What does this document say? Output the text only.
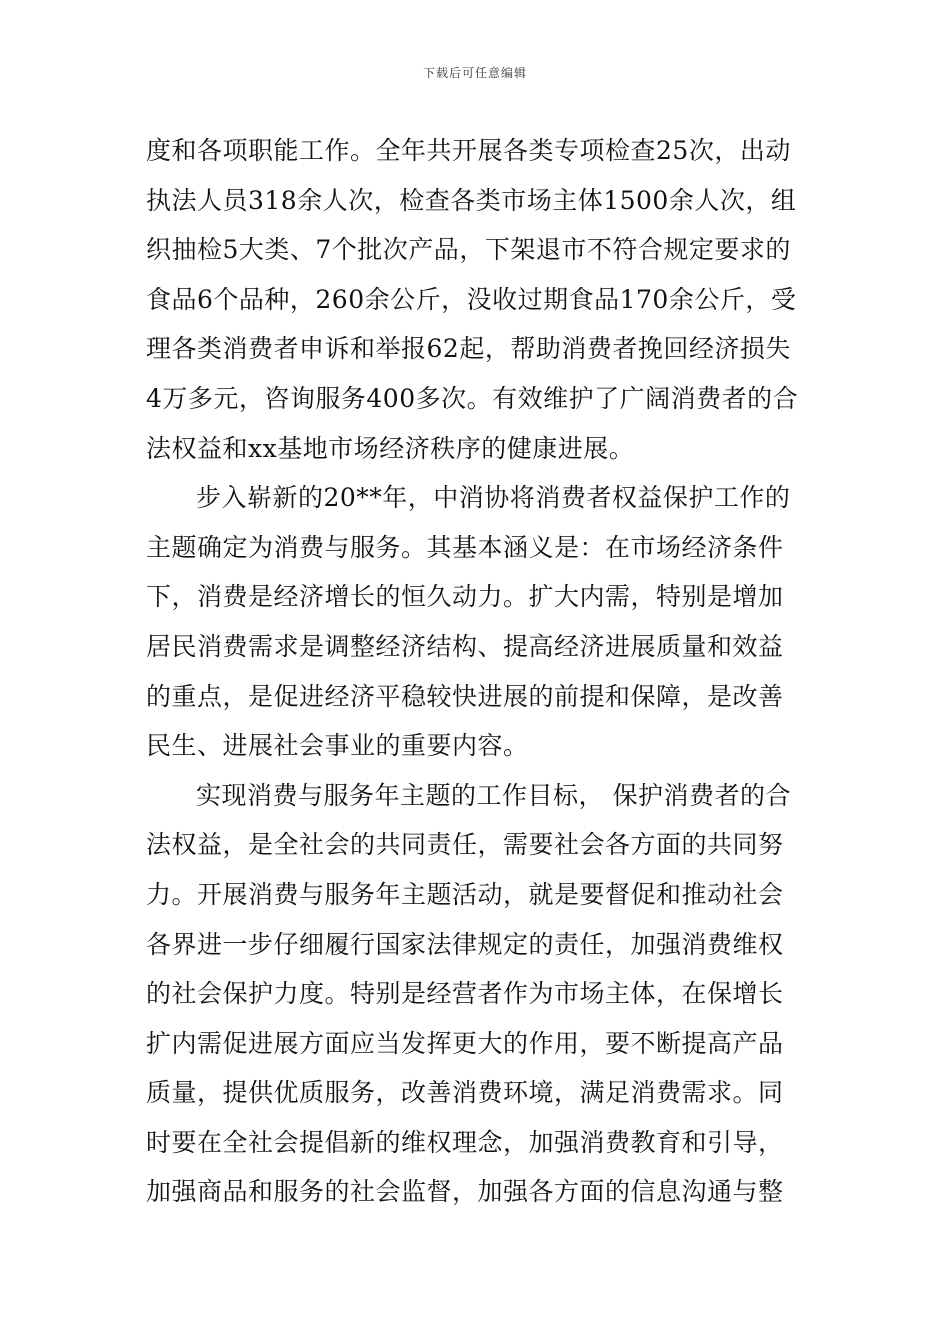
下载后可任意编辑
度和各项职能工作。全年共开展各类专项检查25次，出动
执法人员318余人次，检查各类市场主体1500余人次，组
织抽检5大类、7个批次产品，下架退市不符合规定要求的
食品6个品种，260余公斤，没收过期食品170余公斤，受
理各类消费者申诉和举报62起，帮助消费者挽回经济损失
4万多元，咨询服务400多次。有效维护了广阔消费者的合
法权益和xx基地市场经济秩序的健康进展。
步入崭新的20**年，中消协将消费者权益保护工作的
主题确定为消费与服务。其基本涵义是：在市场经济条件
下，消费是经济增长的恒久动力。扩大内需，特别是增加
居民消费需求是调整经济结构、提高经济进展质量和效益
的重点，是促进经济平稳较快进展的前提和保障，是改善
民生、进展社会事业的重要内容。
实现消费与服务年主题的工作目标， 保护消费者的合
法权益，是全社会的共同责任，需要社会各方面的共同努
力。开展消费与服务年主题活动，就是要督促和推动社会
各界进一步仔细履行国家法律规定的责任，加强消费维权
的社会保护力度。特别是经营者作为市场主体，在保增长
扩内需促进展方面应当发挥更大的作用，要不断提高产品
质量，提供优质服务，改善消费环境，满足消费需求。同
时要在全社会提倡新的维权理念，加强消费教育和引导，
加强商品和服务的社会监督，加强各方面的信息沟通与整
